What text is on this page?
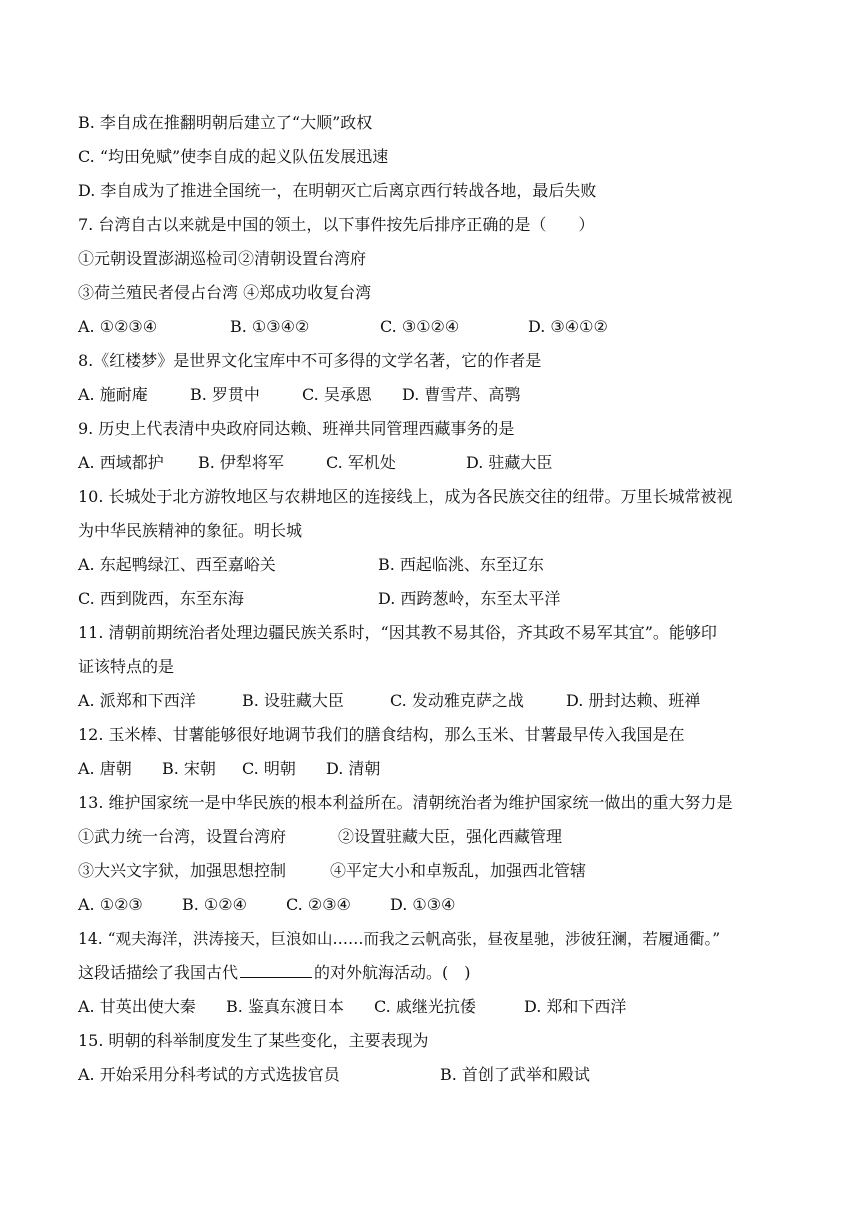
B. 李自成在推翻明朝后建立了“大顺”政权
C. “均田免赋”使李自成的起义队伍发展迅速
D. 李自成为了推进全国统一，在明朝灭亡后离京西行转战各地，最后失败
7. 台湾自古以来就是中国的领土，以下事件按先后排序正确的是（　　）
①元朝设置澎湖巡检司②清朝设置台湾府
③荷兰殖民者侵占台湾 ④郑成功收复台湾
A. ①②③④	B. ①③④②	C. ③①②④	D. ③④①②
8.《红楼梦》是世界文化宝库中不可多得的文学名著，它的作者是
A. 施耐庵	B. 罗贯中	C. 吴承恩	D. 曹雪芹、高鹗
9. 历史上代表清中央政府同达赖、班禅共同管理西藏事务的是
A. 西域都护	B. 伊犁将军	C. 军机处	D. 驻藏大臣
10. 长城处于北方游牧地区与农耕地区的连接线上，成为各民族交往的纽带。万里长城常被视
为中华民族精神的象征。明长城
A. 东起鸭绿江、西至嘉峪关	B. 西起临洮、东至辽东
C. 西到陇西，东至东海	D. 西跨葱岭，东至太平洋
11. 清朝前期统治者处理边疆民族关系时，“因其教不易其俗，齐其政不易军其宜”。能够印
证该特点的是
A. 派郑和下西洋	B. 设驻藏大臣	C. 发动雅克萨之战	D. 册封达赖、班禅
12. 玉米棒、甘薯能够很好地调节我们的膳食结构，那么玉米、甘薯最早传入我国是在
A. 唐朝	B. 宋朝	C. 明朝	D. 清朝
13. 维护国家统一是中华民族的根本利益所在。清朝统治者为维护国家统一做出的重大努力是
①武力统一台湾，设置台湾府	②设置驻藏大臣，强化西藏管理
③大兴文字狱，加强思想控制	④平定大小和卓叛乱，加强西北管辖
A. ①②③	B. ①②④	C. ②③④	D. ①③④
14. “观夫海洋，洪涛接天，巨浪如山……而我之云帆高张，昼夜星驰，涉彼狂澜，若履通衢。”
这段话描绘了我国古代	的对外航海活动。(　)
A. 甘英出使大秦	B. 鉴真东渡日本	C. 戚继光抗倭	D. 郑和下西洋
15. 明朝的科举制度发生了某些变化，主要表现为
A. 开始采用分科考试的方式选拔官员	B. 首创了武举和殿试
